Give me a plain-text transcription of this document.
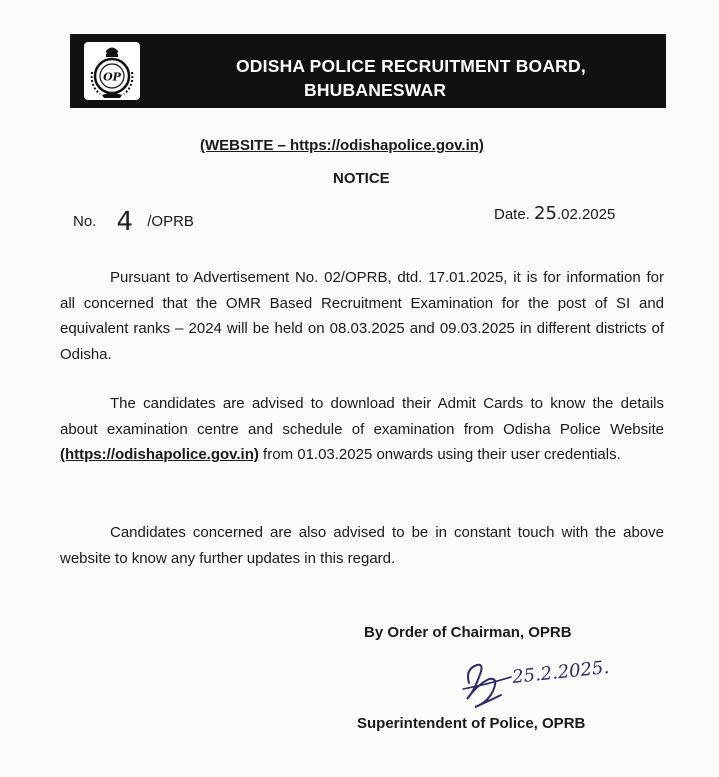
OP
ODISHA POLICE RECRUITMENT BOARD,
BHUBANESWAR
(WEBSITE – https://odishapolice.gov.in)
NOTICE
No. 4 /OPRB	Date. 25.02.2025
Pursuant to Advertisement No. 02/OPRB, dtd. 17.01.2025, it is for information for all concerned that the OMR Based Recruitment Examination for the post of SI and equivalent ranks – 2024 will be held on 08.03.2025 and 09.03.2025 in different districts of Odisha.
The candidates are advised to download their Admit Cards to know the details about examination centre and schedule of examination from Odisha Police Website (https://odishapolice.gov.in) from 01.03.2025 onwards using their user credentials.
Candidates concerned are also advised to be in constant touch with the above website to know any further updates in this regard.
By Order of Chairman, OPRB
25.2.2025.
Superintendent of Police, OPRB
